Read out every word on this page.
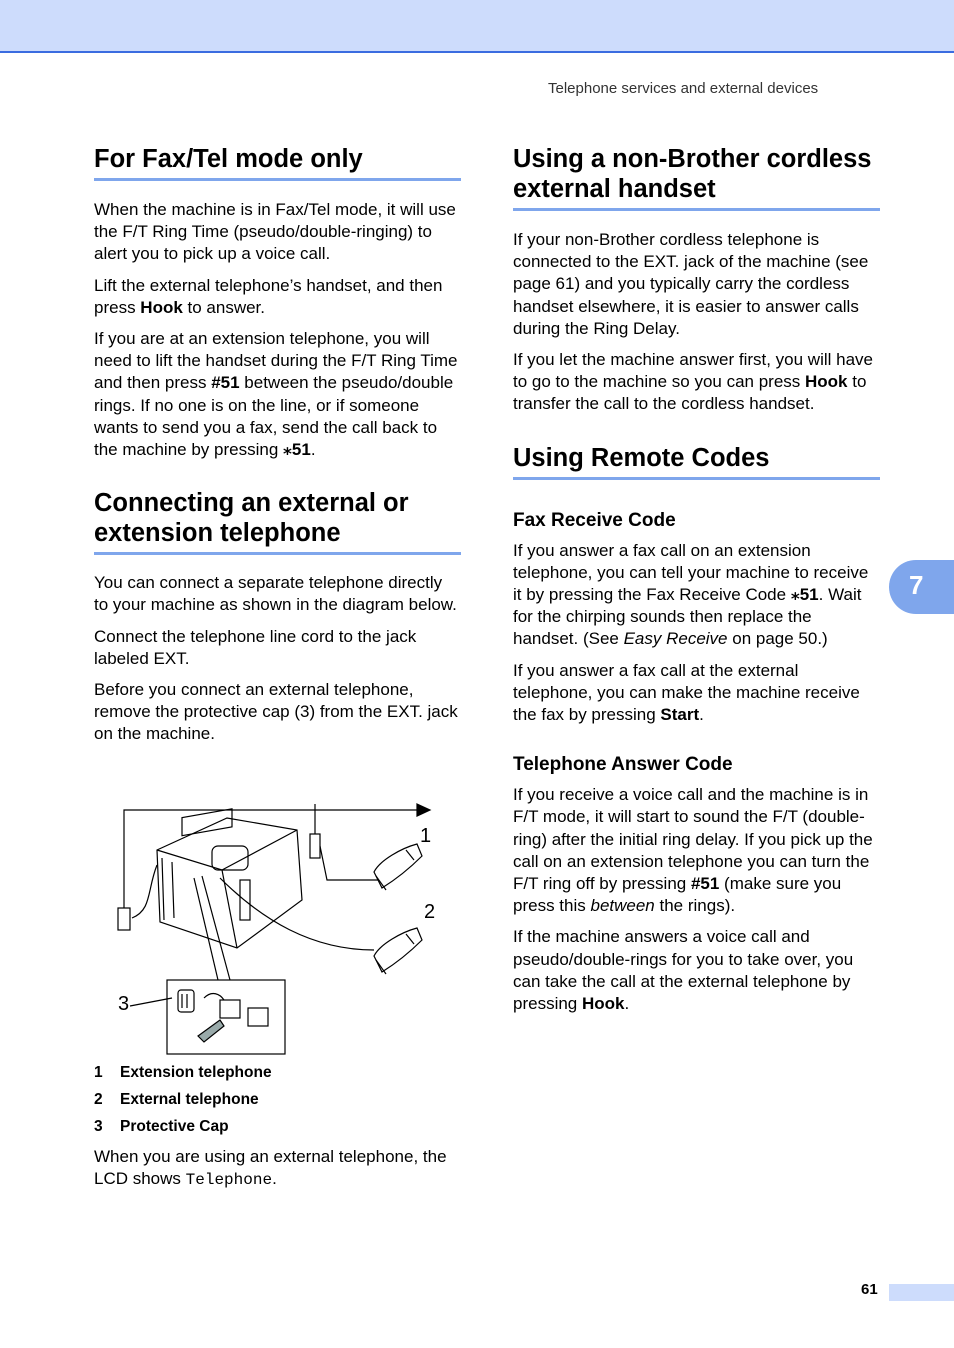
Telephone services and external devices
For Fax/Tel mode only

When the machine is in Fax/Tel mode, it will use the F/T Ring Time (pseudo/double-ringing) to alert you to pick up a voice call.

Lift the external telephone’s handset, and then press Hook to answer.

If you are at an extension telephone, you will need to lift the handset during the F/T Ring Time and then press #51 between the pseudo/double rings. If no one is on the line, or if someone wants to send you a fax, send the call back to the machine by pressing ⁎51.

Connecting an external or extension telephone

You can connect a separate telephone directly to your machine as shown in the diagram below.

Connect the telephone line cord to the jack labeled EXT.

Before you connect an external telephone, remove the protective cap (3) from the EXT. jack on the machine.

1
2
3
1 Extension telephone
2 External telephone
3 Protective Cap

When you are using an external telephone, the LCD shows Telephone.

Using a non-Brother cordless external handset

If your non-Brother cordless telephone is connected to the EXT. jack of the machine (see page 61) and you typically carry the cordless handset elsewhere, it is easier to answer calls during the Ring Delay.

If you let the machine answer first, you will have to go to the machine so you can press Hook to transfer the call to the cordless handset.

Using Remote Codes
Fax Receive Code

If you answer a fax call on an extension telephone, you can tell your machine to receive it by pressing the Fax Receive Code ⁎51. Wait for the chirping sounds then replace the handset. (See Easy Receive on page 50.)

If you answer a fax call at the external telephone, you can make the machine receive the fax by pressing Start.

Telephone Answer Code

If you receive a voice call and the machine is in F/T mode, it will start to sound the F/T (double-ring) after the initial ring delay. If you pick up the call on an extension telephone you can turn the F/T ring off by pressing #51 (make sure you press this between the rings).

If the machine answers a voice call and pseudo/double-rings for you to take over, you can take the call at the external telephone by pressing Hook.

7
61
